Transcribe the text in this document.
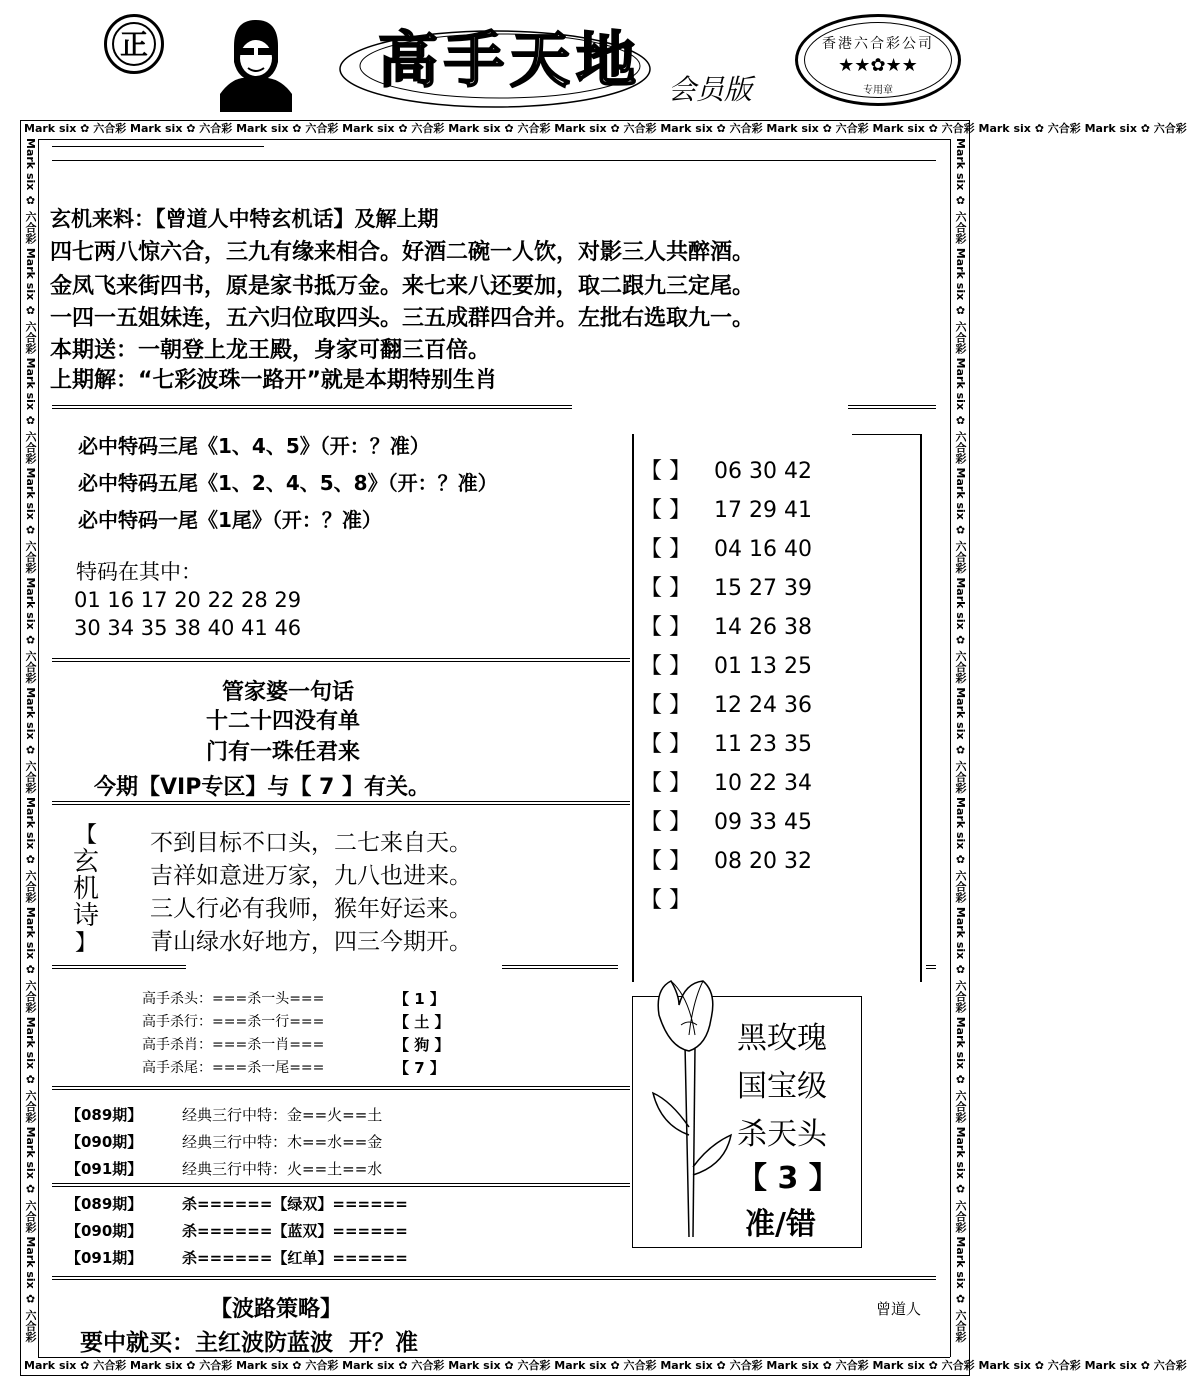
正	高手天地 会员版
香港六合彩公司
★★✿★★
专用章
Mark six ✿ 六合彩 Mark six ✿ 六合彩 Mark six ✿ 六合彩 Mark six ✿ 六合彩 Mark six ✿ 六合彩 Mark six ✿ 六合彩 Mark six ✿ 六合彩 Mark six ✿ 六合彩 Mark six ✿ 六合彩 Mark six ✿ 六合彩 Mark six ✿ 六合彩
Mark six ✿ 六合彩 Mark six ✿ 六合彩 Mark six ✿ 六合彩 Mark six ✿ 六合彩 Mark six ✿ 六合彩 Mark six ✿ 六合彩 Mark six ✿ 六合彩 Mark six ✿ 六合彩 Mark six ✿ 六合彩 Mark six ✿ 六合彩 Mark six ✿ 六合彩
Mark six ✿ 六合彩 Mark six ✿ 六合彩 Mark six ✿ 六合彩 Mark six ✿ 六合彩 Mark six ✿ 六合彩 Mark six ✿ 六合彩 Mark six ✿ 六合彩 Mark six ✿ 六合彩 Mark six ✿ 六合彩 Mark six ✿ 六合彩 Mark six ✿ 六合彩	Mark six ✿ 六合彩 Mark six ✿ 六合彩 Mark six ✿ 六合彩 Mark six ✿ 六合彩 Mark six ✿ 六合彩 Mark six ✿ 六合彩 Mark six ✿ 六合彩 Mark six ✿ 六合彩 Mark six ✿ 六合彩 Mark six ✿ 六合彩 Mark six ✿ 六合彩
玄机来料：【曾道人中特玄机话】及解上期
四七两八惊六合，三九有缘来相合。好酒二碗一人饮，对影三人共醉酒。
金凤飞来街四书，原是家书抵万金。来七来八还要加，取二跟九三定尾。
一四一五姐妹连，五六归位取四头。三五成群四合并。左批右选取九一。
本期送：一朝登上龙王殿，身家可翻三百倍。
上期解：“七彩波珠一路开”就是本期特别生肖
【 】 06 30 42
【 】 17 29 41
【 】 04 16 40
【 】 15 27 39
【 】 14 26 38
【 】 01 13 25
【 】 12 24 36
【 】 11 23 35
【 】 10 22 34
【 】 09 33 45
【 】 08 20 32
【 】
必中特码三尾《1、4、5》（开：？准）
必中特码五尾《1、2、4、5、8》（开：？准）
必中特码一尾《1尾》（开：？准）
特码在其中：
01 16 17 20 22 28 29
30 34 35 38 40 41 46
管家婆一句话
十二十四没有单
门有一珠任君来
今期【VIP专区】与【 7 】有关。
【
玄
机
诗
】
不到目标不口头，二七来自天。
吉祥如意进万家，九八也进来。
三人行必有我师，猴年好运来。
青山绿水好地方，四三今期开。
高手杀头：===杀一头===	【 1 】
高手杀行：===杀一行===	【 土 】
高手杀肖：===杀一肖===	【 狗 】
高手杀尾：===杀一尾===	【 7 】
黑玫瑰
国宝级
杀天头
【 3 】
准/错
【089期】	经典三行中特：金==火==土
【090期】	经典三行中特：木==水==金
【091期】	经典三行中特：火==土==水
【089期】	杀======【绿双】======
【090期】	杀======【蓝双】======
【091期】	杀======【红单】======
【波路策略】	曾道人
要中就买：主红波防蓝波  开？准
